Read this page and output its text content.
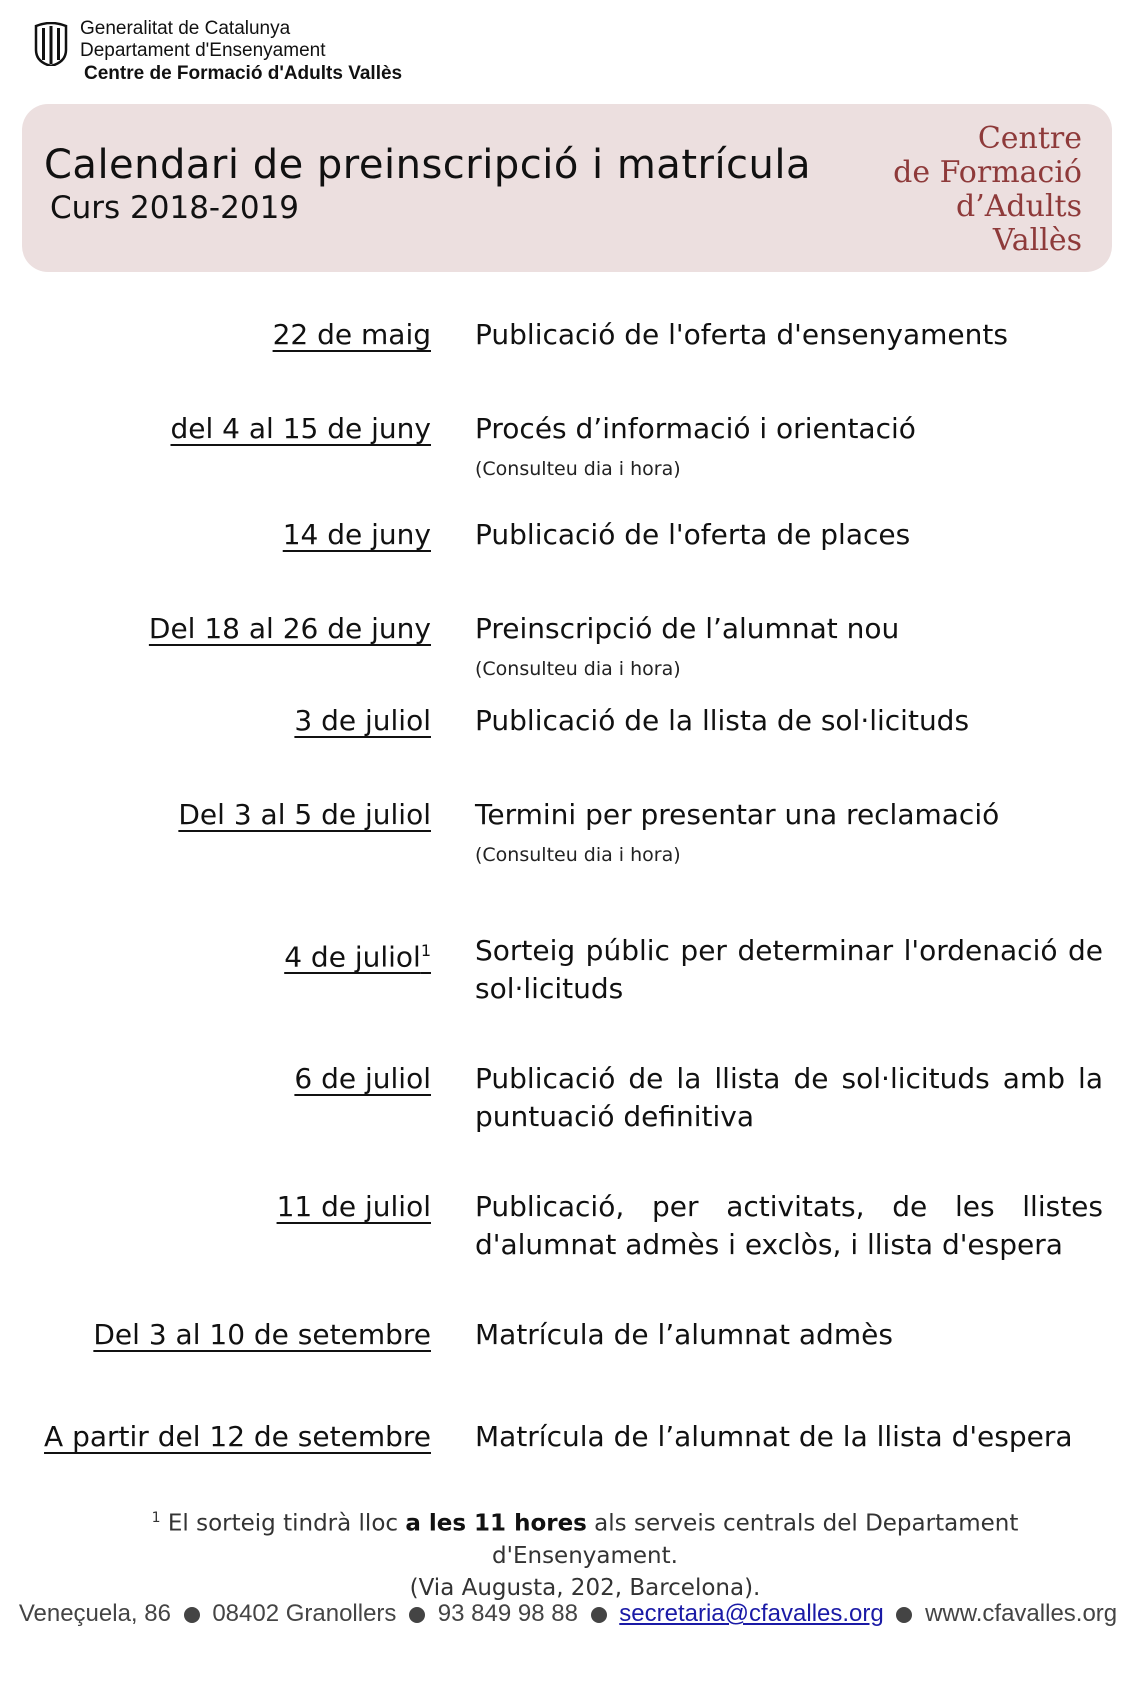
Generalitat de Catalunya
Departament d'Ensenyament
Centre de Formació d'Adults Vallès
Calendari de preinscripció i matrícula
Curs 2018-2019
Centre
de Formació
d’Adults
Vallès
22 de maig Publicació de l'oferta d'ensenyaments
del 4 al 15 de juny Procés d’informació i orientació
(Consulteu dia i hora)
14 de juny Publicació de l'oferta de places
Del 18 al 26 de juny Preinscripció de l’alumnat nou
(Consulteu dia i hora)
3 de juliol Publicació de la llista de sol·licituds
Del 3 al 5 de juliol Termini per presentar una reclamació
(Consulteu dia i hora)
4 de juliol$^1$ Sorteig públic per determinar l'ordenació de sol·licituds
6 de juliol Publicació de la llista de sol·licituds amb la puntuació definitiva
11 de juliol Publicació, per activitats, de les llistes d'alumnat admès i exclòs, i llista d'espera
Del 3 al 10 de setembre Matrícula de l’alumnat admès
A partir del 12 de setembre Matrícula de l’alumnat de la llista d'espera
$^1$ El sorteig tindrà lloc a les 11 hores als serveis centrals del Departament d'Ensenyament.
(Via Augusta, 202, Barcelona).
Veneçuela, 86 08402 Granollers 93 849 98 88 secretaria@cfavalles.org www.cfavalles.org
